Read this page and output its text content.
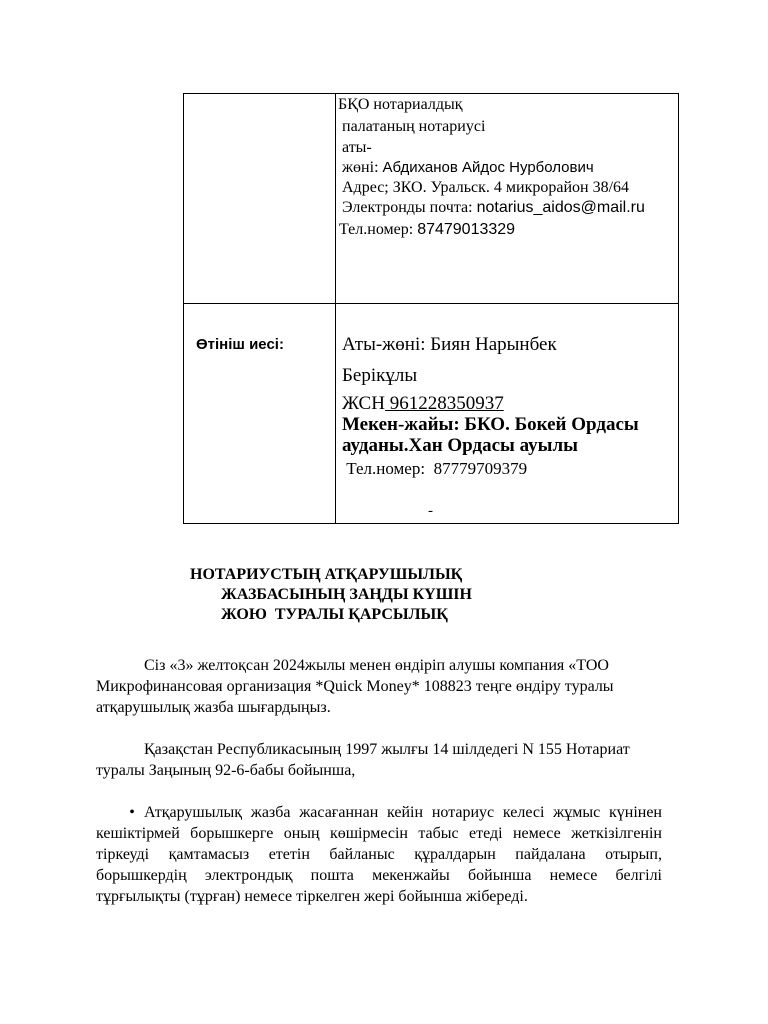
БҚО нотариалдық
палатаның нотариусі
аты-
жөні: Абдиханов Айдос Нурболович
Адрес; ЗКО. Уральск. 4 микрорайон 38/64
Электронды почта: notarius_aidos@mail.ru
Тел.номер: 87479013329
Өтініш иесі:	Аты-жөні: Биян Нарынбек
Берікұлы
ЖСН 961228350937
Мекен-жайы: БКО. Бокей Ордасы
ауданы.Хан Ордасы ауылы
Тел.номер:  87779709379
-
НОТАРИУСТЫҢ АТҚАРУШЫЛЫҚ
ЖАЗБАСЫНЫҢ ЗАҢДЫ КҮШІН
ЖОЮ  ТУРАЛЫ ҚАРСЫЛЫҚ
Сіз «3» желтоқсан 2024жылы менен өндіріп алушы компания «ТОО Микрофинансовая организация *Quick Money* 108823 теңге өндіру туралы атқарушылық жазба шығардыңыз.
Қазақстан Республикасының 1997 жылғы 14 шілдедегі N 155 Нотариат туралы Заңының 92-6-бабы бойынша,
• Атқарушылық жазба жасағаннан кейін нотариус келесі жұмыс күнінен кешіктірмей борышкерге оның көшірмесін табыс етеді немесе жеткізілгенін тіркеуді қамтамасыз ететін байланыс құралдарын пайдалана отырып, борышкердің электрондық пошта мекенжайы бойынша немесе белгілі тұрғылықты (тұрған) немесе тіркелген жері бойынша жібереді.
